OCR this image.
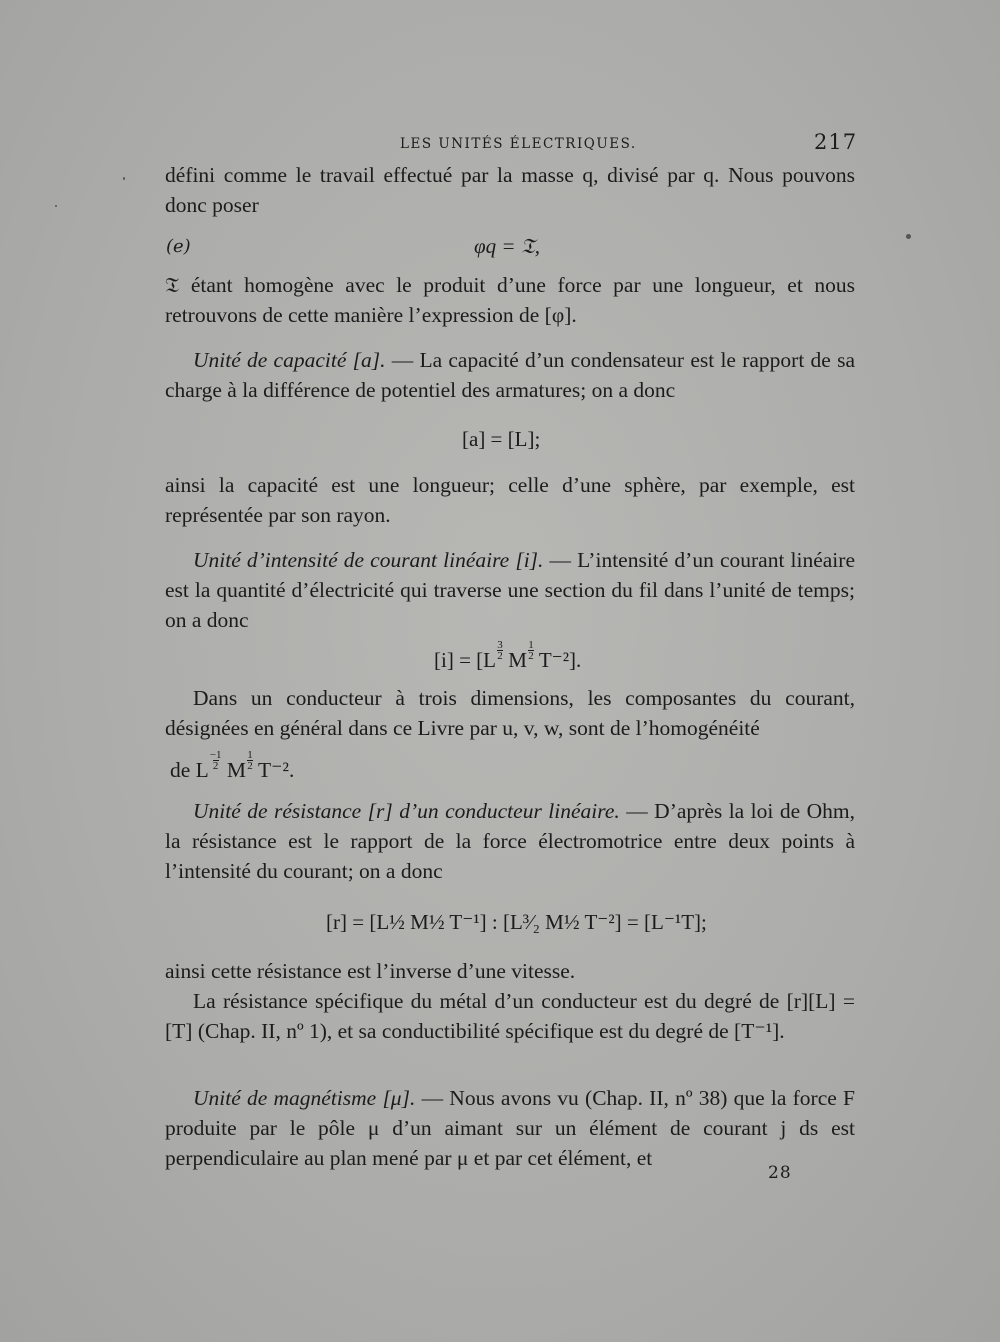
LES UNITÉS ÉLECTRIQUES.	217

défini comme le travail effectué par la masse q, divisé par q. Nous pouvons donc poser

(e)	φq = 𝔗,

𝔗 étant homogène avec le produit d’une force par une longueur, et nous retrouvons de cette manière l’expression de [φ].

Unité de capacité [a]. — La capacité d’un condensateur est le rapport de sa charge à la différence de potentiel des armatures; on a donc

[a] = [L];

ainsi la capacité est une longueur; celle d’une sphère, par exemple, est représentée par son rayon.

Unité d’intensité de courant linéaire [i]. — L’intensité d’un courant linéaire est la quantité d’électricité qui traverse une section du fil dans l’unité de temps; on a donc

$[i] = [L \frac{3}{2}$ M $\frac{1}{2} T^{-2}$].

Dans un conducteur à trois dimensions, les composantes du courant, désignées en général dans ce Livre par u, v, w, sont de l’homogénéité

de L $\frac{-1}{2}$ M $\frac{1}{2} T^{-2}$.

Unité de résistance [r] d’un conducteur linéaire. — D’après la loi de Ohm, la résistance est le rapport de la force électromotrice entre deux points à l’intensité du courant; on a donc

[r] = [L½ M½ T⁻¹] : [L³⁄₂ M½ T⁻²] = [L⁻¹T];

ainsi cette résistance est l’inverse d’une vitesse.

La résistance spécifique du métal d’un conducteur est du degré de [r][L] = [T] (Chap. II, nº 1), et sa conductibilité spécifique est du degré de [T⁻¹].

Unité de magnétisme [μ]. — Nous avons vu (Chap. II, nº 38) que la force F produite par le pôle μ d’un aimant sur un élément de courant j ds est perpendiculaire au plan mené par μ et par cet élément, et

28
